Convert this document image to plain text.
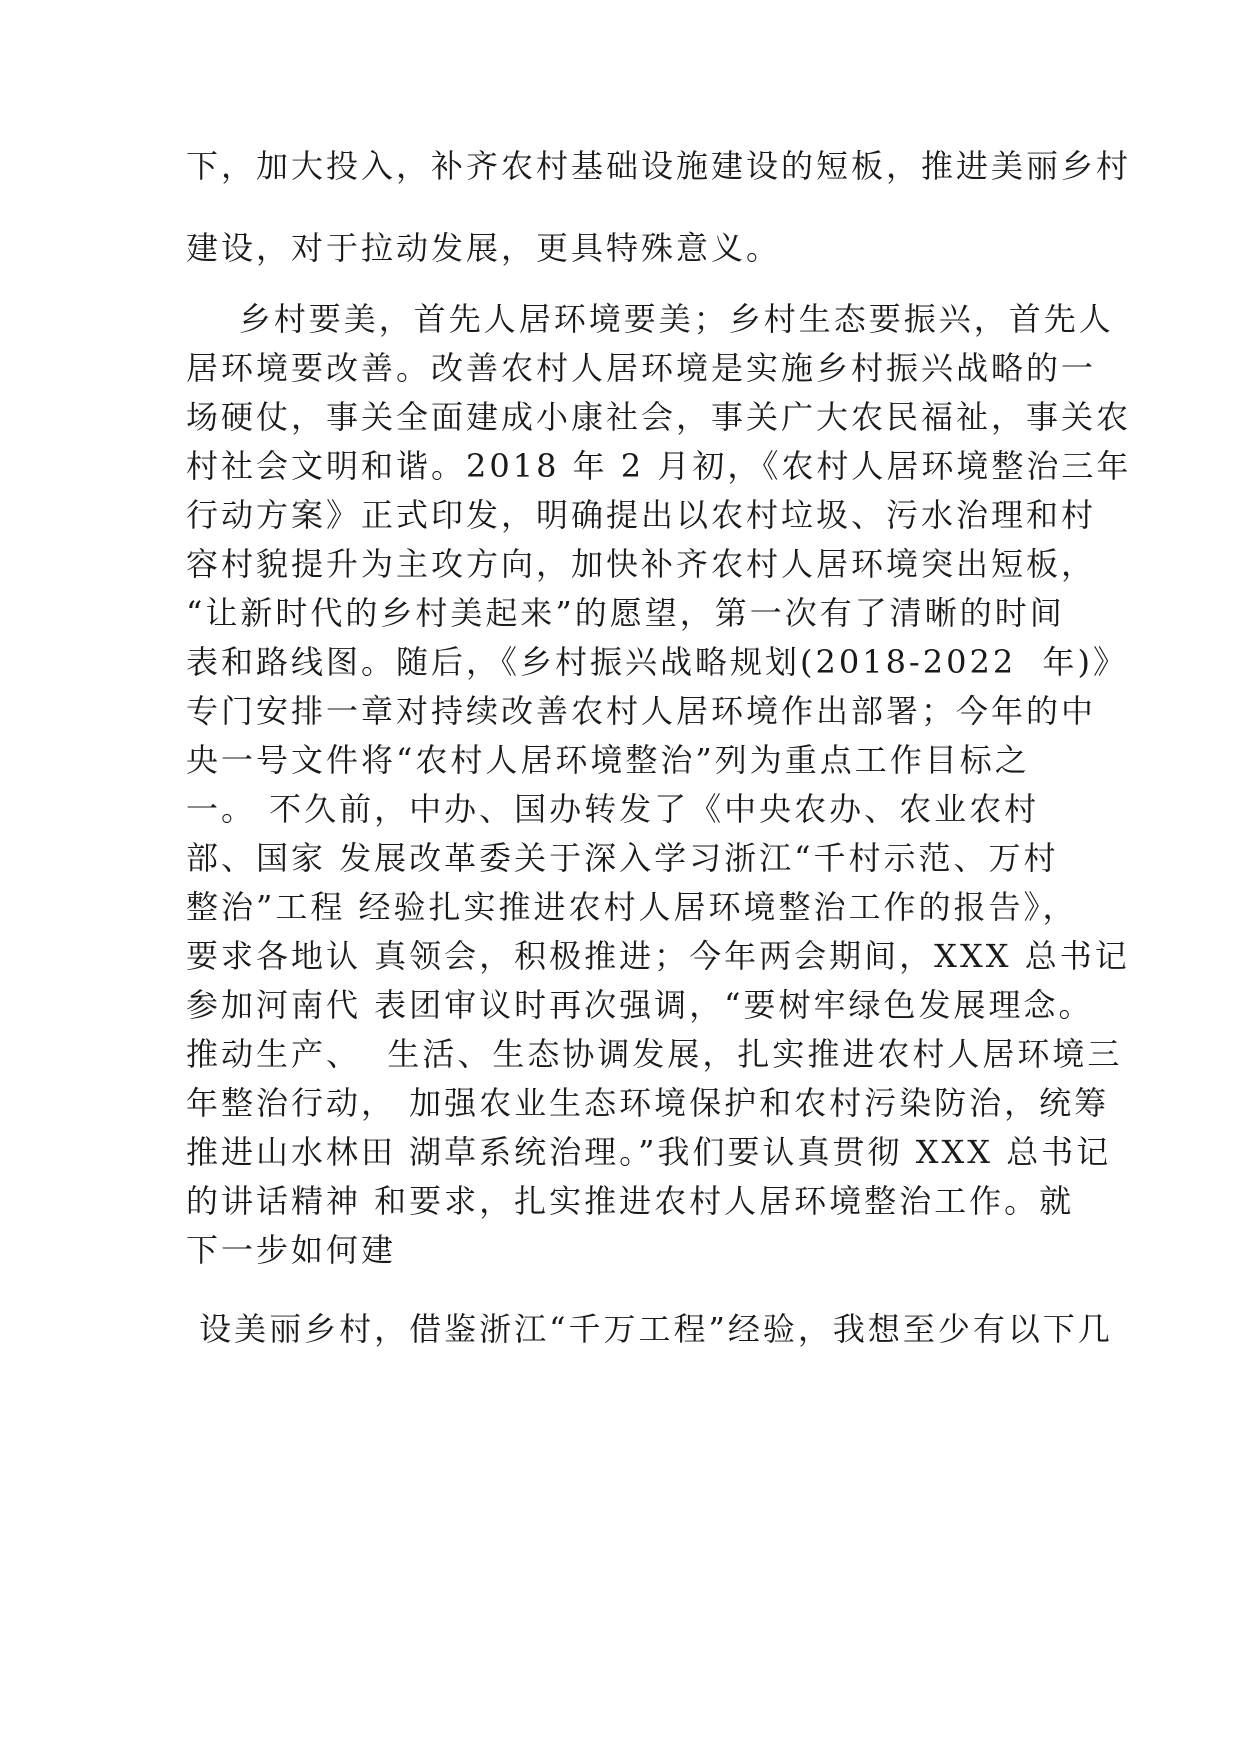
下，加大投入，补齐农村基础设施建设的短板，推进美丽乡村
建设，对于拉动发展，更具特殊意义。
乡村要美，首先人居环境要美；乡村生态要振兴，首先人
居环境要改善。改善农村人居环境是实施乡村振兴战略的一
场硬仗，事关全面建成小康社会，事关广大农民福祉，事关农
村社会文明和谐。2018 年 2 月初，《农村人居环境整治三年
行动方案》正式印发，明确提出以农村垃圾、污水治理和村
容村貌提升为主攻方向，加快补齐农村人居环境突出短板，
“让新时代的乡村美起来”的愿望，第一次有了清晰的时间
表和路线图。随后，《乡村振兴战略规划(2018-2022  年)》
专门安排一章对持续改善农村人居环境作出部署；今年的中
央一号文件将“农村人居环境整治”列为重点工作目标之
一。 不久前，中办、国办转发了《中央农办、农业农村
部、国家 发展改革委关于深入学习浙江“千村示范、万村
整治”工程 经验扎实推进农村人居环境整治工作的报告》，
要求各地认 真领会，积极推进；今年两会期间，XXX 总书记
参加河南代 表团审议时再次强调，“要树牢绿色发展理念。
推动生产、  生活、生态协调发展，扎实推进农村人居环境三
年整治行动， 加强农业生态环境保护和农村污染防治，统筹
推进山水林田 湖草系统治理。”我们要认真贯彻 XXX 总书记
的讲话精神 和要求，扎实推进农村人居环境整治工作。就
下一步如何建
设美丽乡村，借鉴浙江“千万工程”经验，我想至少有以下几
